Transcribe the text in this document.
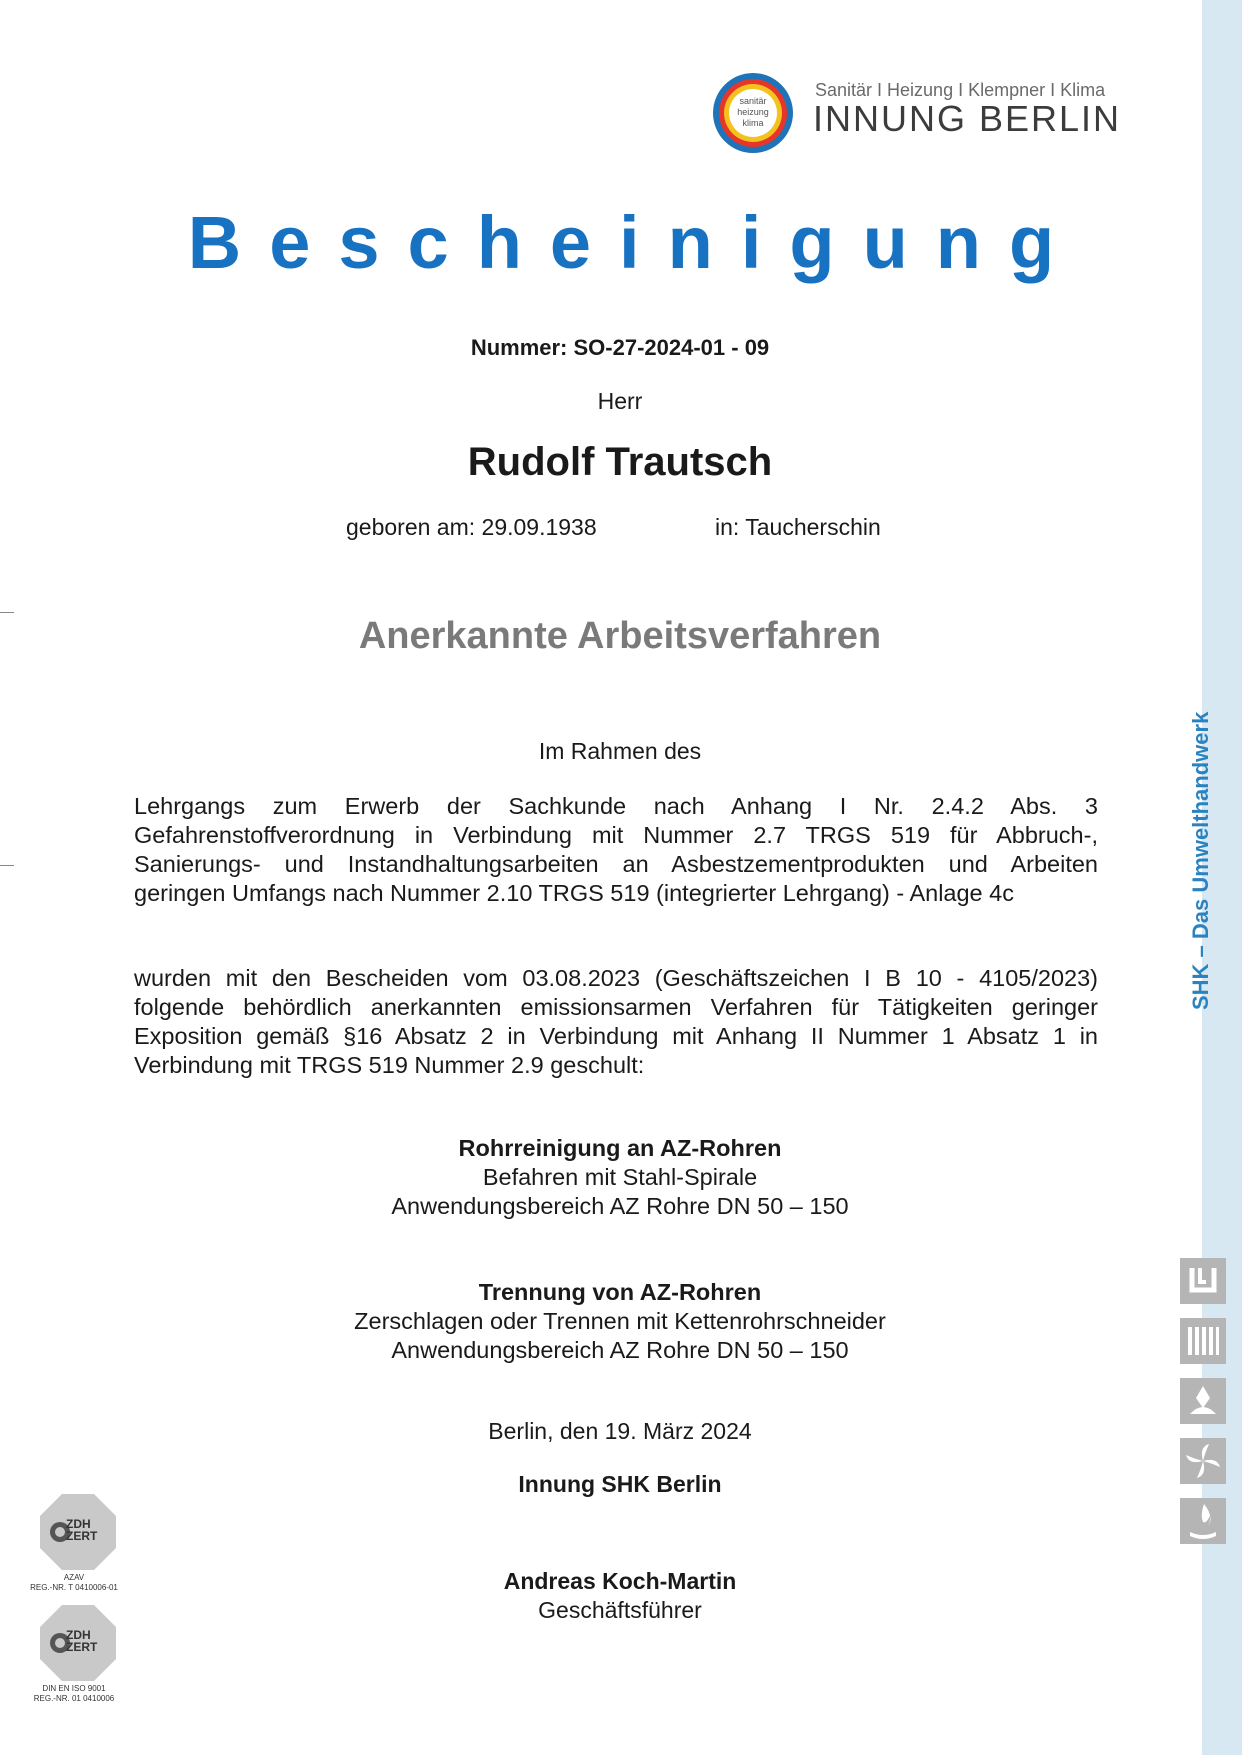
SHK – Das Umwelthandwerk
sanitär
heizung
klima
Sanitär I Heizung I Klempner I Klima
INNUNG BERLIN
Bescheinigung
Nummer: SO-27-2024-01 - 09
Herr
Rudolf Trautsch
geboren am: 29.09.1938	in: Taucherschin
Anerkannte Arbeitsverfahren
Im Rahmen des
Lehrgangs zum Erwerb der Sachkunde nach Anhang I Nr. 2.4.2 Abs. 3
Gefahrenstoffverordnung in Verbindung mit Nummer 2.7 TRGS 519 für Abbruch-,
Sanierungs- und Instandhaltungsarbeiten an Asbestzementprodukten und Arbeiten
geringen Umfangs nach Nummer 2.10 TRGS 519 (integrierter Lehrgang) - Anlage 4c
wurden mit den Bescheiden vom 03.08.2023 (Geschäftszeichen I B 10 - 4105/2023)
folgende behördlich anerkannten emissionsarmen Verfahren für Tätigkeiten geringer
Exposition gemäß §16 Absatz 2 in Verbindung mit Anhang II Nummer 1 Absatz 1 in
Verbindung mit TRGS 519 Nummer 2.9 geschult:
Rohrreinigung an AZ-Rohren
Befahren mit Stahl-Spirale
Anwendungsbereich AZ Rohre DN 50 – 150
Trennung von AZ-Rohren
Zerschlagen oder Trennen mit Kettenrohrschneider
Anwendungsbereich AZ Rohre DN 50 – 150
Berlin, den 19. März 2024
Innung SHK Berlin
Andreas Koch-Martin
Geschäftsführer
ZDH ZERT
AZAV
REG.-NR. T 0410006-01
ZDH ZERT
DIN EN ISO 9001
REG.-NR. 01 0410006
